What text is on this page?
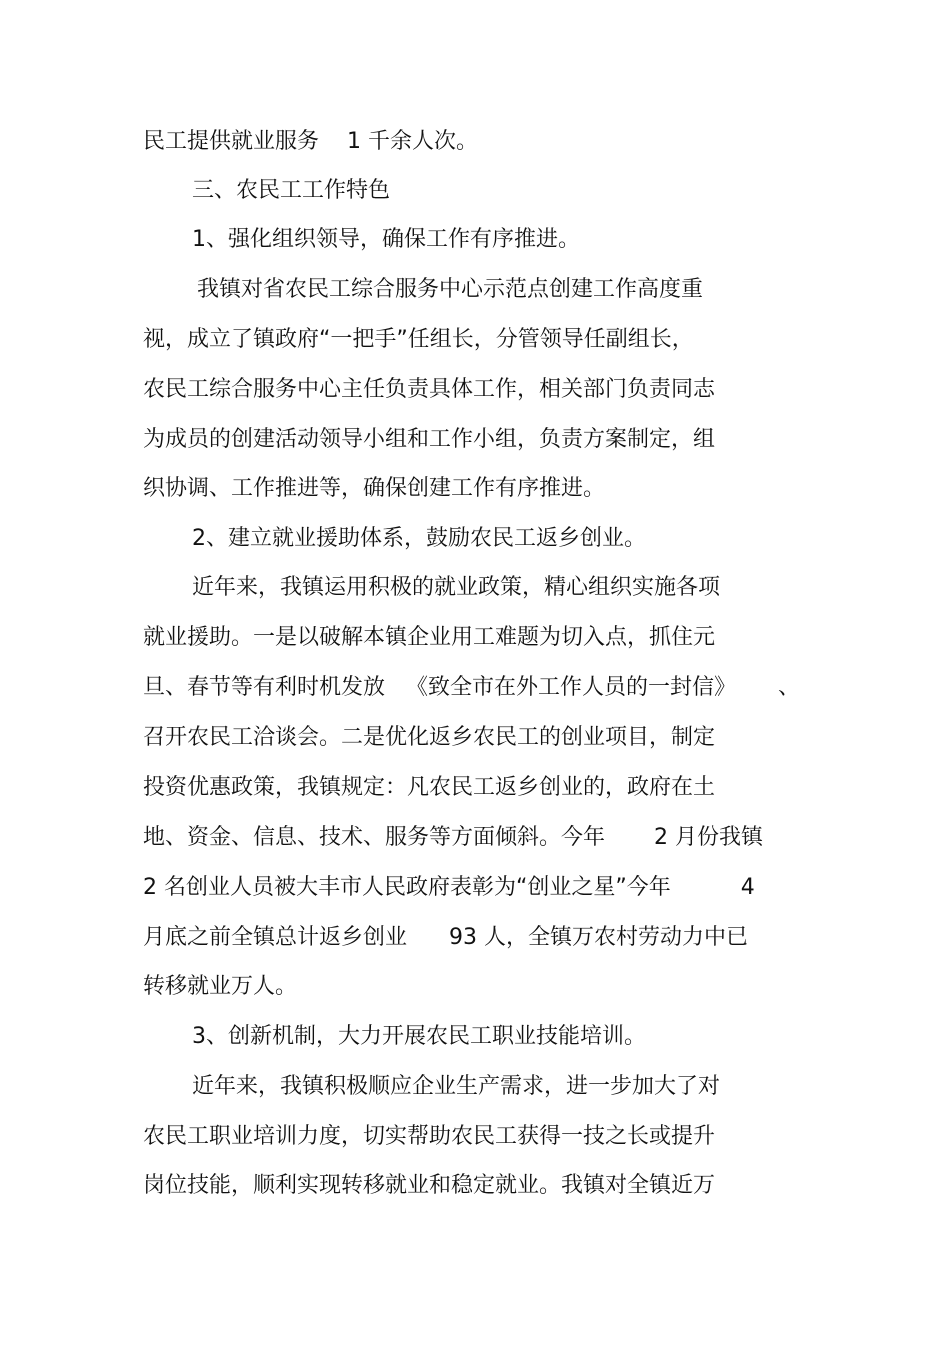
民工提供就业服务    1 千余人次。
三、农民工工作特色
1、强化组织领导，确保工作有序推进。
我镇对省农民工综合服务中心示范点创建工作高度重
视，成立了镇政府“一把手”任组长，分管领导任副组长，
农民工综合服务中心主任负责具体工作，相关部门负责同志
为成员的创建活动领导小组和工作小组，负责方案制定，组
织协调、工作推进等，确保创建工作有序推进。
2、建立就业援助体系，鼓励农民工返乡创业。
近年来，我镇运用积极的就业政策，精心组织实施各项
就业援助。一是以破解本镇企业用工难题为切入点，抓住元
旦、春节等有利时机发放   《致全市在外工作人员的一封信》      、
召开农民工洽谈会。二是优化返乡农民工的创业项目，制定
投资优惠政策，我镇规定：凡农民工返乡创业的，政府在土
地、资金、信息、技术、服务等方面倾斜。今年       2 月份我镇
2 名创业人员被大丰市人民政府表彰为“创业之星”今年          4
月底之前全镇总计返乡创业      93 人，全镇万农村劳动力中已
转移就业万人。
3、创新机制，大力开展农民工职业技能培训。
近年来，我镇积极顺应企业生产需求，进一步加大了对
农民工职业培训力度，切实帮助农民工获得一技之长或提升
岗位技能，顺利实现转移就业和稳定就业。我镇对全镇近万
